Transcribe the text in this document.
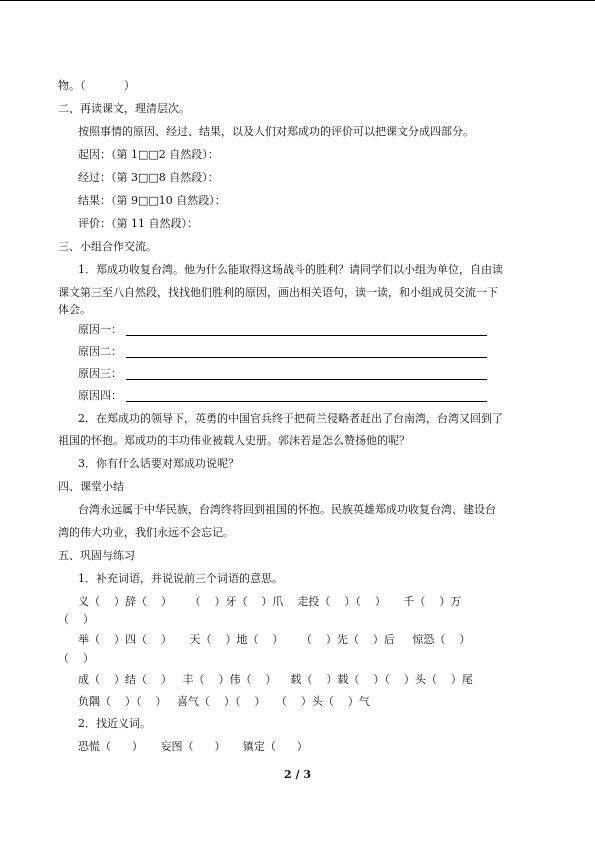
物。（           ）
二、再读课文，理清层次。
按照事情的原因、经过、结果，以及人们对郑成功的评价可以把课文分成四部分。
起因：（第 1□□2 自然段）：
经过：（第 3□□8 自然段）：
结果：（第 9□□10 自然段）：
评价：（第 11 自然段）：
三、小组合作交流。
1．郑成功收复台湾。他为什么能取得这场战斗的胜利？请同学们以小组为单位，自由读
课文第三至八自然段，找找他们胜利的原因，画出相关语句，读一读，和小组成员交流一下
体会。
原因一：
原因二：
原因三：
原因四：
2．在郑成功的领导下，英勇的中国官兵终于把荷兰侵略者赶出了台南湾，台湾又回到了
祖国的怀抱。郑成功的丰功伟业被载人史册。郭沫若是怎么赞扬他的呢？
3．你有什么话要对郑成功说呢？
四、课堂小结
台湾永远属于中华民族，台湾终将回到祖国的怀抱。民族英雄郑成功收复台湾、建设台
湾的伟大功业，我们永远不会忘记。
五、巩固与练习
1．补充词语，并说说前三个词语的意思。
义（    ）辞（    ）     （    ）牙（    ）爪    走投（    ）（    ）     千（    ）万
（    ）
举（    ）四（    ）     天（    ）地（    ）     （    ）先（    ）后     惊恐（    ）
（    ）
成（    ）结（    ）   丰（    ）伟（    ）    载（    ）载（    ）（    ）头（    ）尾
负隅（    ）（    ）   喜气（    ）（    ）   （    ）头（    ）气
2．找近义词。
恐慌（      ）     妄图（      ）     镇定（      ）
2 / 3
